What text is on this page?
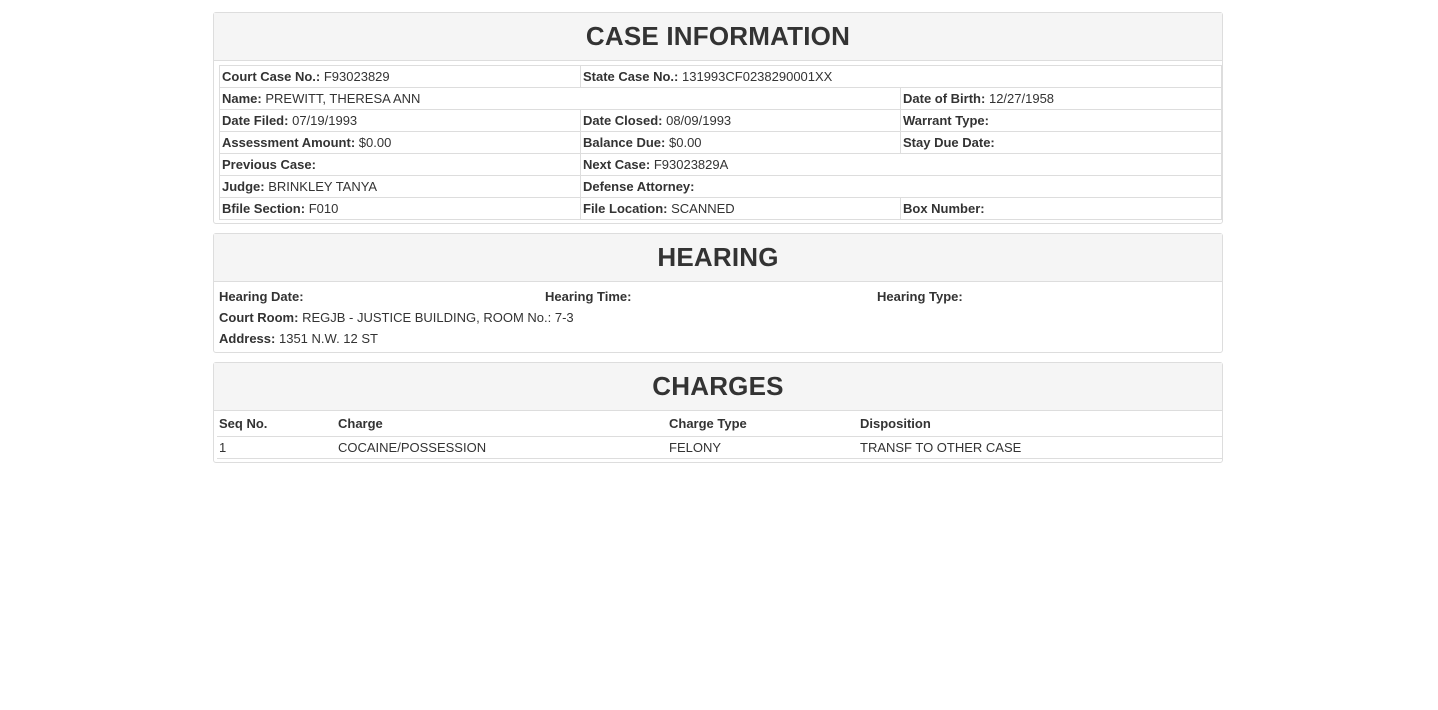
CASE INFORMATION
Court Case No.: F93023829	State Case No.: 131993CF0238290001XX	
Name: PREWITT, THERESA ANN		Date of Birth: 12/27/1958
Date Filed: 07/19/1993	Date Closed: 08/09/1993	Warrant Type:
Assessment Amount: $0.00	Balance Due: $0.00	Stay Due Date:
Previous Case:	Next Case: F93023829A	
Judge: BRINKLEY TANYA	Defense Attorney:	
Bfile Section: F010	File Location: SCANNED	Box Number:
HEARING
Hearing Date:	Hearing Time:	Hearing Type:
Court Room: REGJB - JUSTICE BUILDING, ROOM No.: 7-3
Address: 1351 N.W. 12 ST
CHARGES
Seq No.	Charge	Charge Type	Disposition
1	COCAINE/POSSESSION	FELONY	TRANSF TO OTHER CASE
